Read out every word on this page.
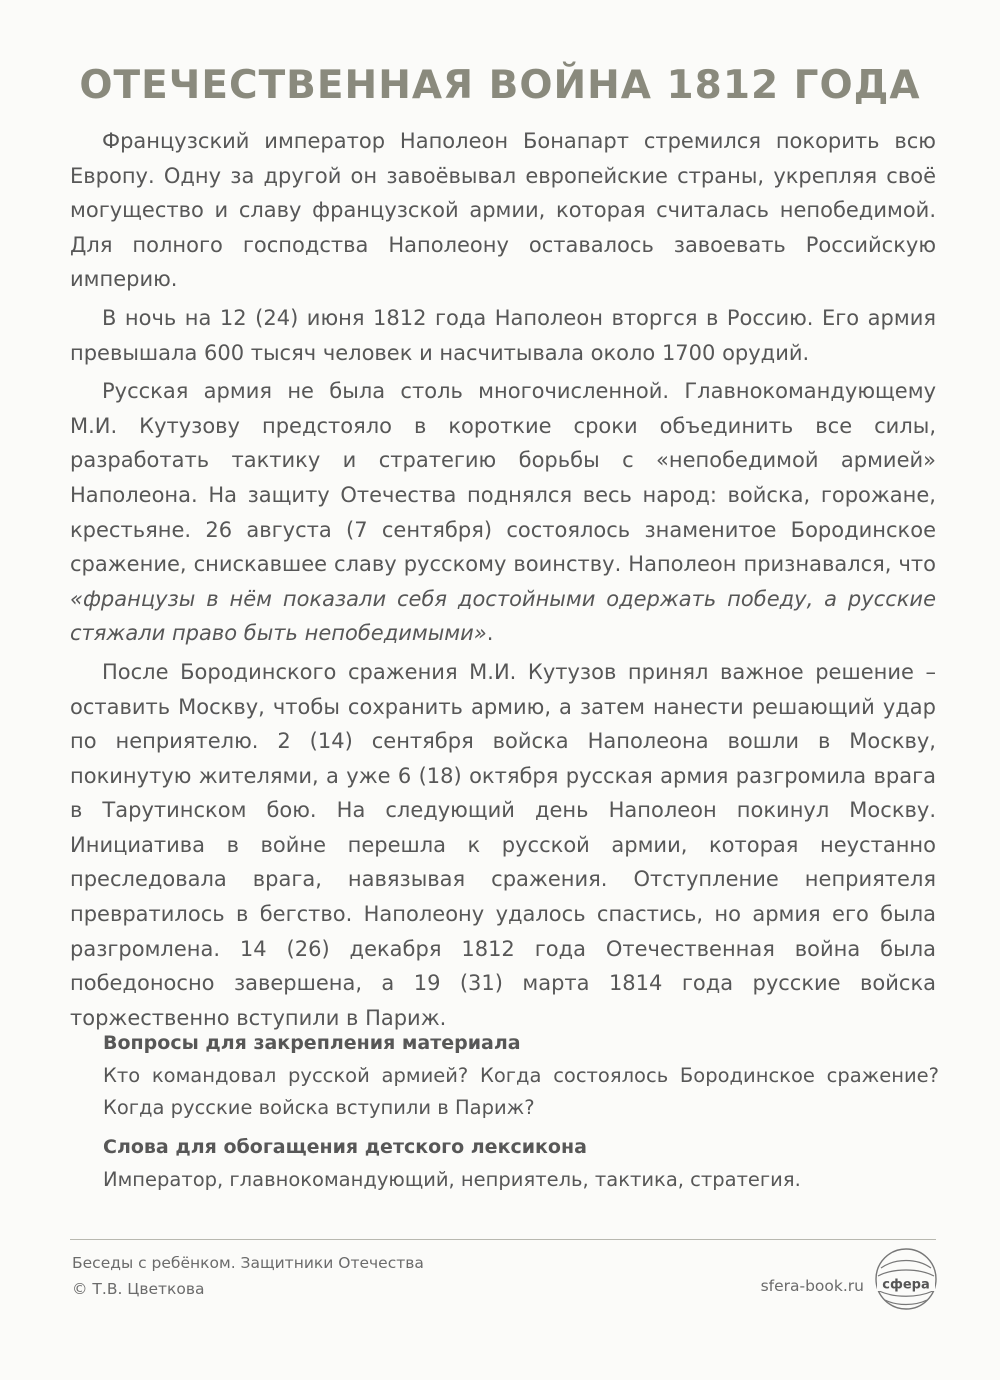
ОТЕЧЕСТВЕННАЯ ВОЙНА 1812 ГОДА

Французский император Наполеон Бонапарт стремился покорить всю Европу. Одну за другой он завоёвывал европейские страны, укрепляя своё могущество и славу французской армии, которая считалась непобедимой. Для полного господства Наполеону оставалось завоевать Российскую империю.

В ночь на 12 (24) июня 1812 года Наполеон вторгся в Россию. Его армия превышала 600 тысяч человек и насчитывала около 1700 орудий.

Русская армия не была столь многочисленной. Главнокомандующему М.И. Кутузову предстояло в короткие сроки объединить все силы, разработать тактику и стратегию борьбы с «непобедимой армией» Наполеона. На защиту Отечества поднялся весь народ: войска, горожане, крестьяне. 26 августа (7 сентября) состоялось знаменитое Бородинское сражение, снискавшее славу русскому воинству. Наполеон признавался, что «французы в нём показали себя достойными одержать победу, а русские стяжали право быть непобедимыми».

После Бородинского сражения М.И. Кутузов принял важное решение – оставить Москву, чтобы сохранить армию, а затем нанести решающий удар по неприятелю. 2 (14) сентября войска Наполеона вошли в Москву, покинутую жителями, а уже 6 (18) октября русская армия разгромила врага в Тарутинском бою. На следующий день Наполеон покинул Москву. Инициатива в войне перешла к русской армии, которая неустанно преследовала врага, навязывая сражения. Отступление неприятеля превратилось в бегство. Наполеону удалось спастись, но армия его была разгромлена. 14 (26) декабря 1812 года Отечественная война была победоносно завершена, а 19 (31) марта 1814 года русские войска торжественно вступили в Париж.

Вопросы для закрепления материала

Кто командовал русской армией? Когда состоялось Бородинское сражение? Когда русские войска вступили в Париж?

Слова для обогащения детского лексикона

Император, главнокомандующий, неприятель, тактика, стратегия.

Беседы с ребёнком. Защитники Отечества
© Т.В. Цветкова	sfera-book.ru сфера
